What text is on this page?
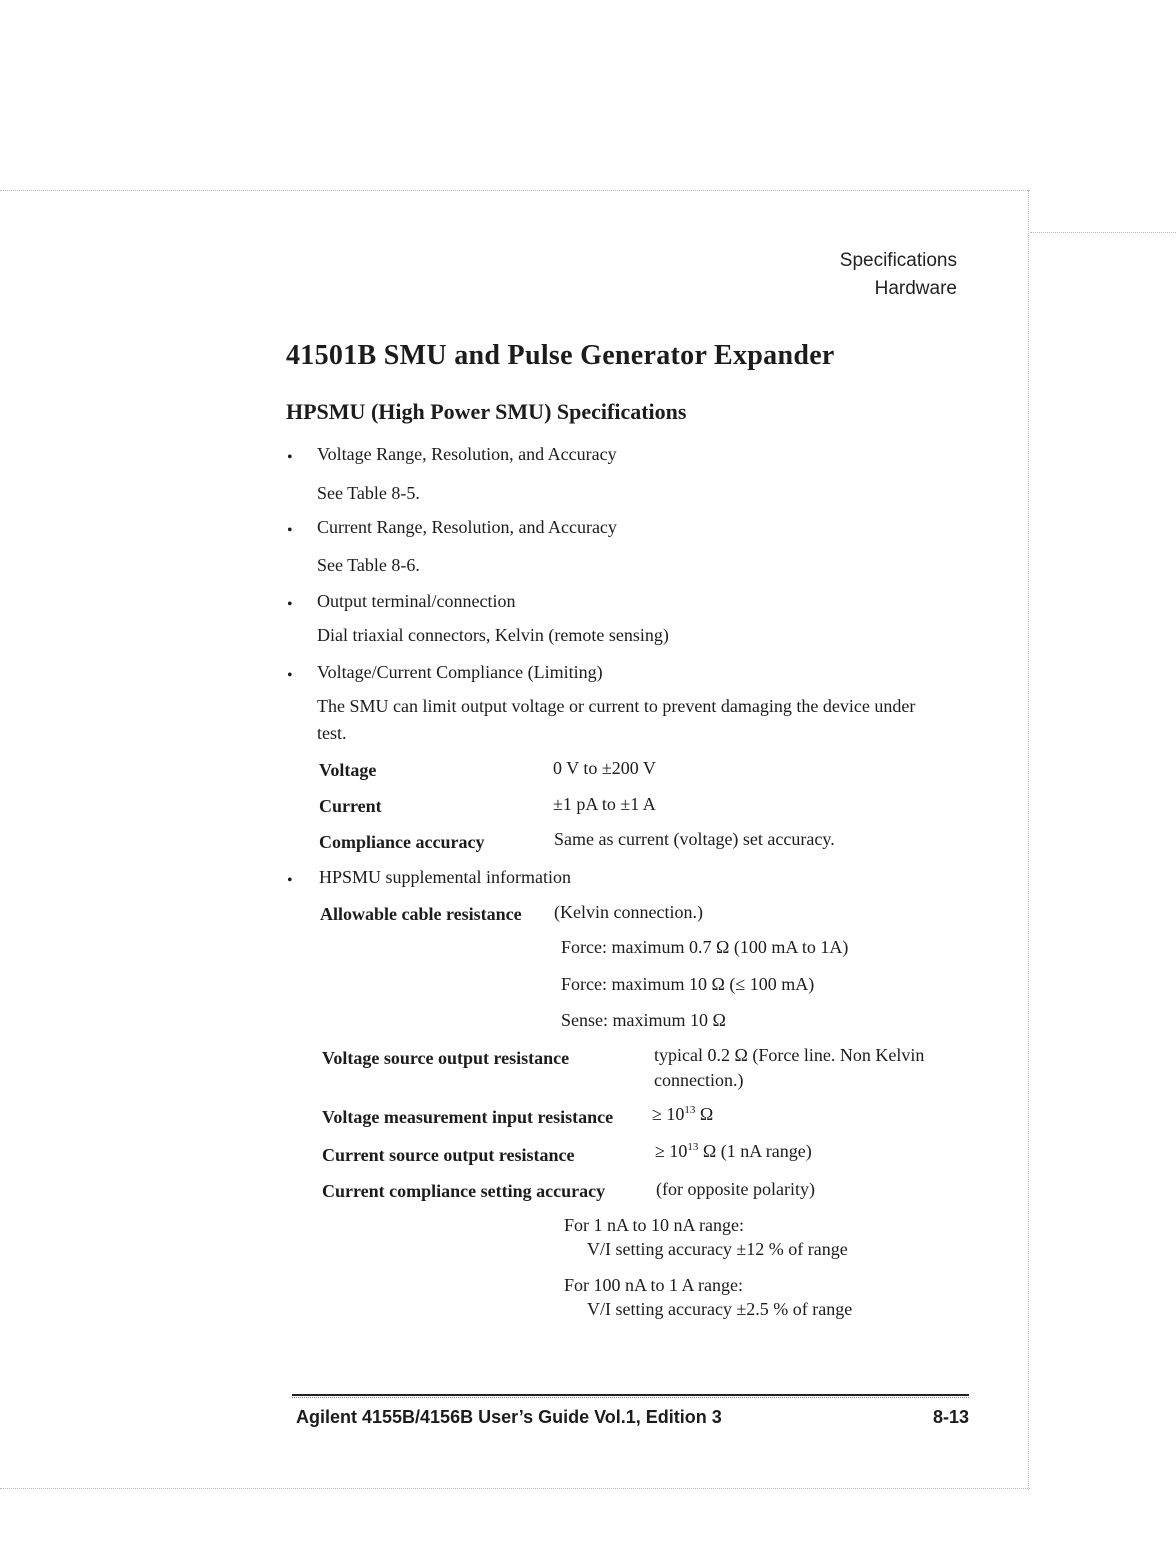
Specifications
Hardware
41501B SMU and Pulse Generator Expander
HPSMU (High Power SMU) Specifications
• Voltage Range, Resolution, and Accuracy
See Table 8-5.
• Current Range, Resolution, and Accuracy
See Table 8-6.
• Output terminal/connection
Dial triaxial connectors, Kelvin (remote sensing)
• Voltage/Current Compliance (Limiting)
The SMU can limit output voltage or current to prevent damaging the device under test.
Voltage	0 V to ±200 V
Current	±1 pA to ±1 A
Compliance accuracy	Same as current (voltage) set accuracy.
• HPSMU supplemental information
Allowable cable resistance (Kelvin connection.)
Force: maximum 0.7 Ω (100 mA to 1A)
Force: maximum 10 Ω (≤ 100 mA)
Sense: maximum 10 Ω
Voltage source output resistance	typical 0.2 Ω (Force line. Non Kelvin connection.)
Voltage measurement input resistance ≥ $10^{13}$ Ω
Current source output resistance	≥ $10^{13}$ Ω (1 nA range)
Current compliance setting accuracy	(for opposite polarity)
For 1 nA to 10 nA range:
V/I setting accuracy ±12 % of range
For 100 nA to 1 A range:
V/I setting accuracy ±2.5 % of range
Agilent 4155B/4156B User’s Guide Vol.1, Edition 3	8-13
